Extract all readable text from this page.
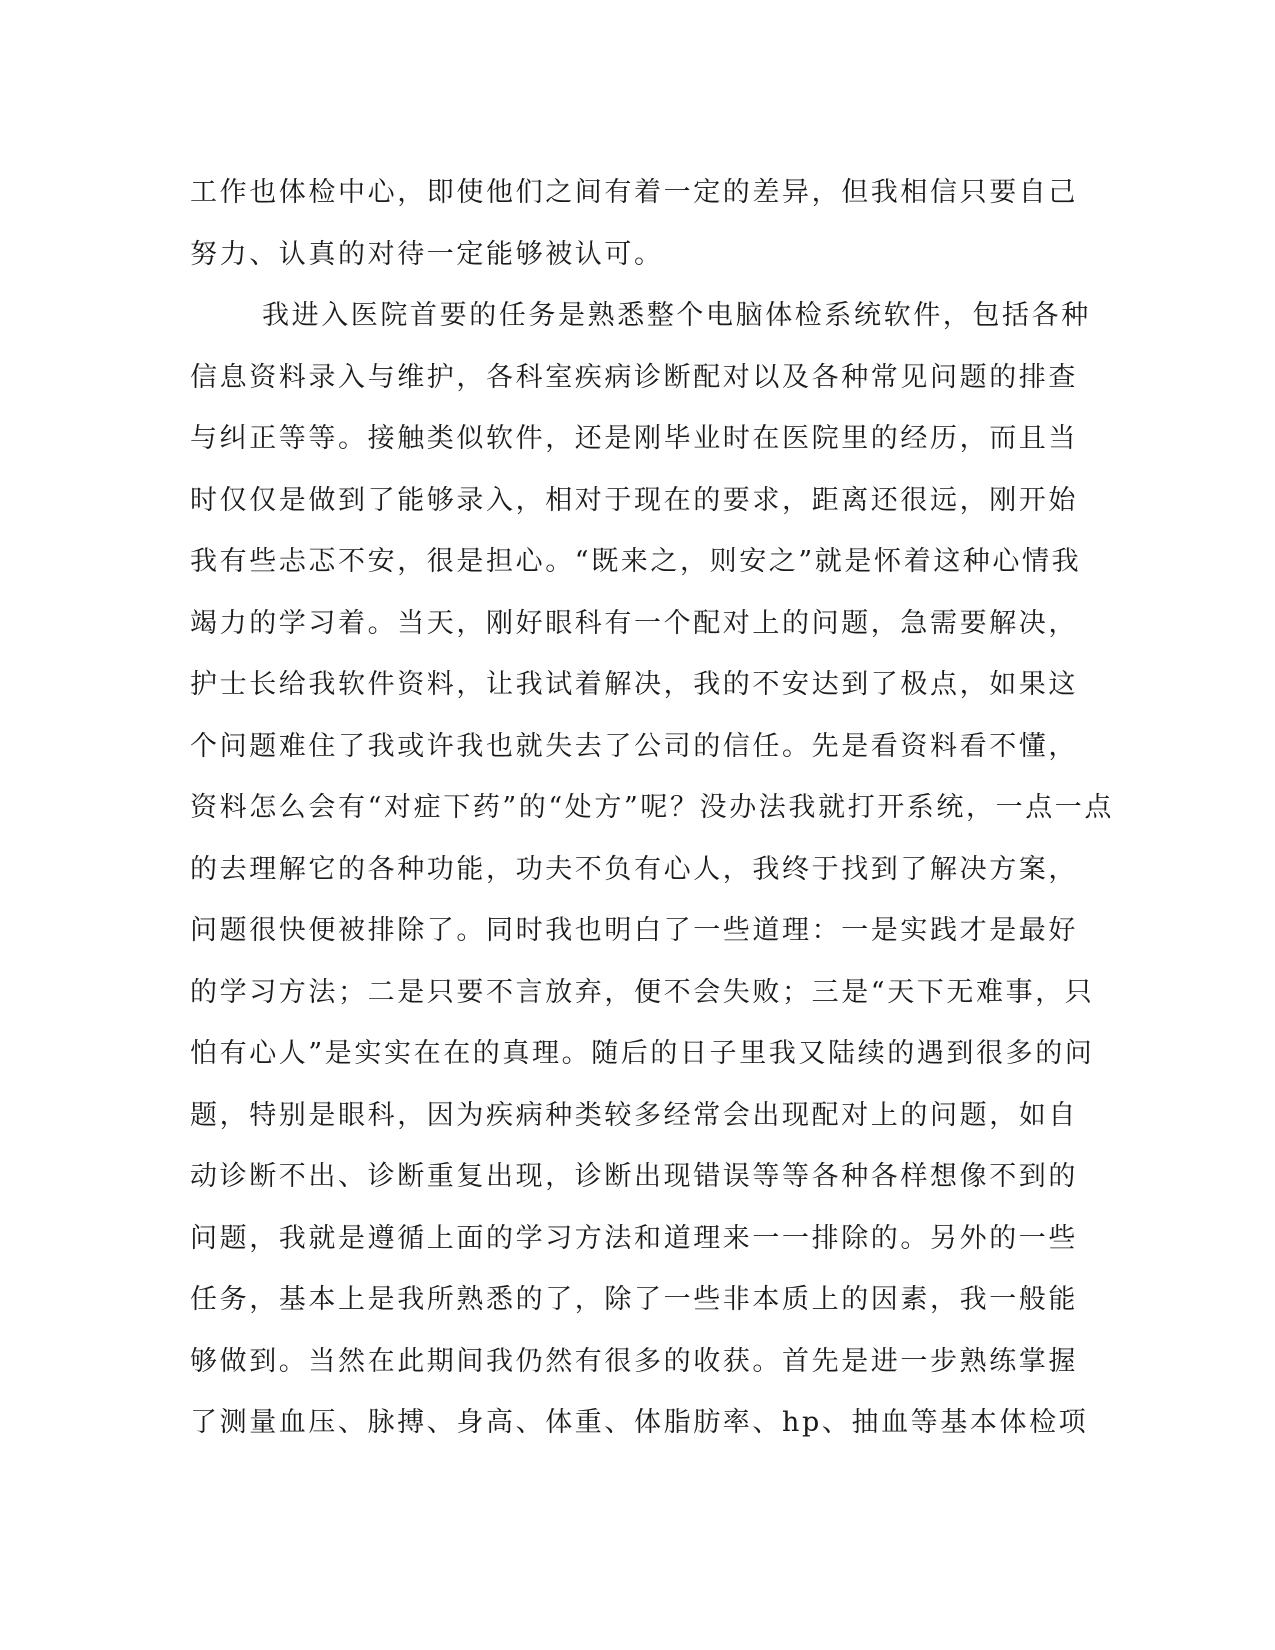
工作也体检中心，即使他们之间有着一定的差异，但我相信只要自己
努力、认真的对待一定能够被认可。
我进入医院首要的任务是熟悉整个电脑体检系统软件，包括各种
信息资料录入与维护，各科室疾病诊断配对以及各种常见问题的排查
与纠正等等。接触类似软件，还是刚毕业时在医院里的经历，而且当
时仅仅是做到了能够录入，相对于现在的要求，距离还很远，刚开始
我有些忐忑不安，很是担心。“既来之，则安之”就是怀着这种心情我
竭力的学习着。当天，刚好眼科有一个配对上的问题，急需要解决，
护士长给我软件资料，让我试着解决，我的不安达到了极点，如果这
个问题难住了我或许我也就失去了公司的信任。先是看资料看不懂，
资料怎么会有“对症下药”的“处方”呢？没办法我就打开系统，一点一点
的去理解它的各种功能，功夫不负有心人，我终于找到了解决方案，
问题很快便被排除了。同时我也明白了一些道理：一是实践才是最好
的学习方法；二是只要不言放弃，便不会失败；三是“天下无难事，只
怕有心人”是实实在在的真理。随后的日子里我又陆续的遇到很多的问
题，特别是眼科，因为疾病种类较多经常会出现配对上的问题，如自
动诊断不出、诊断重复出现，诊断出现错误等等各种各样想像不到的
问题，我就是遵循上面的学习方法和道理来一一排除的。另外的一些
任务，基本上是我所熟悉的了，除了一些非本质上的因素，我一般能
够做到。当然在此期间我仍然有很多的收获。首先是进一步熟练掌握
了测量血压、脉搏、身高、体重、体脂肪率、hp、抽血等基本体检项
